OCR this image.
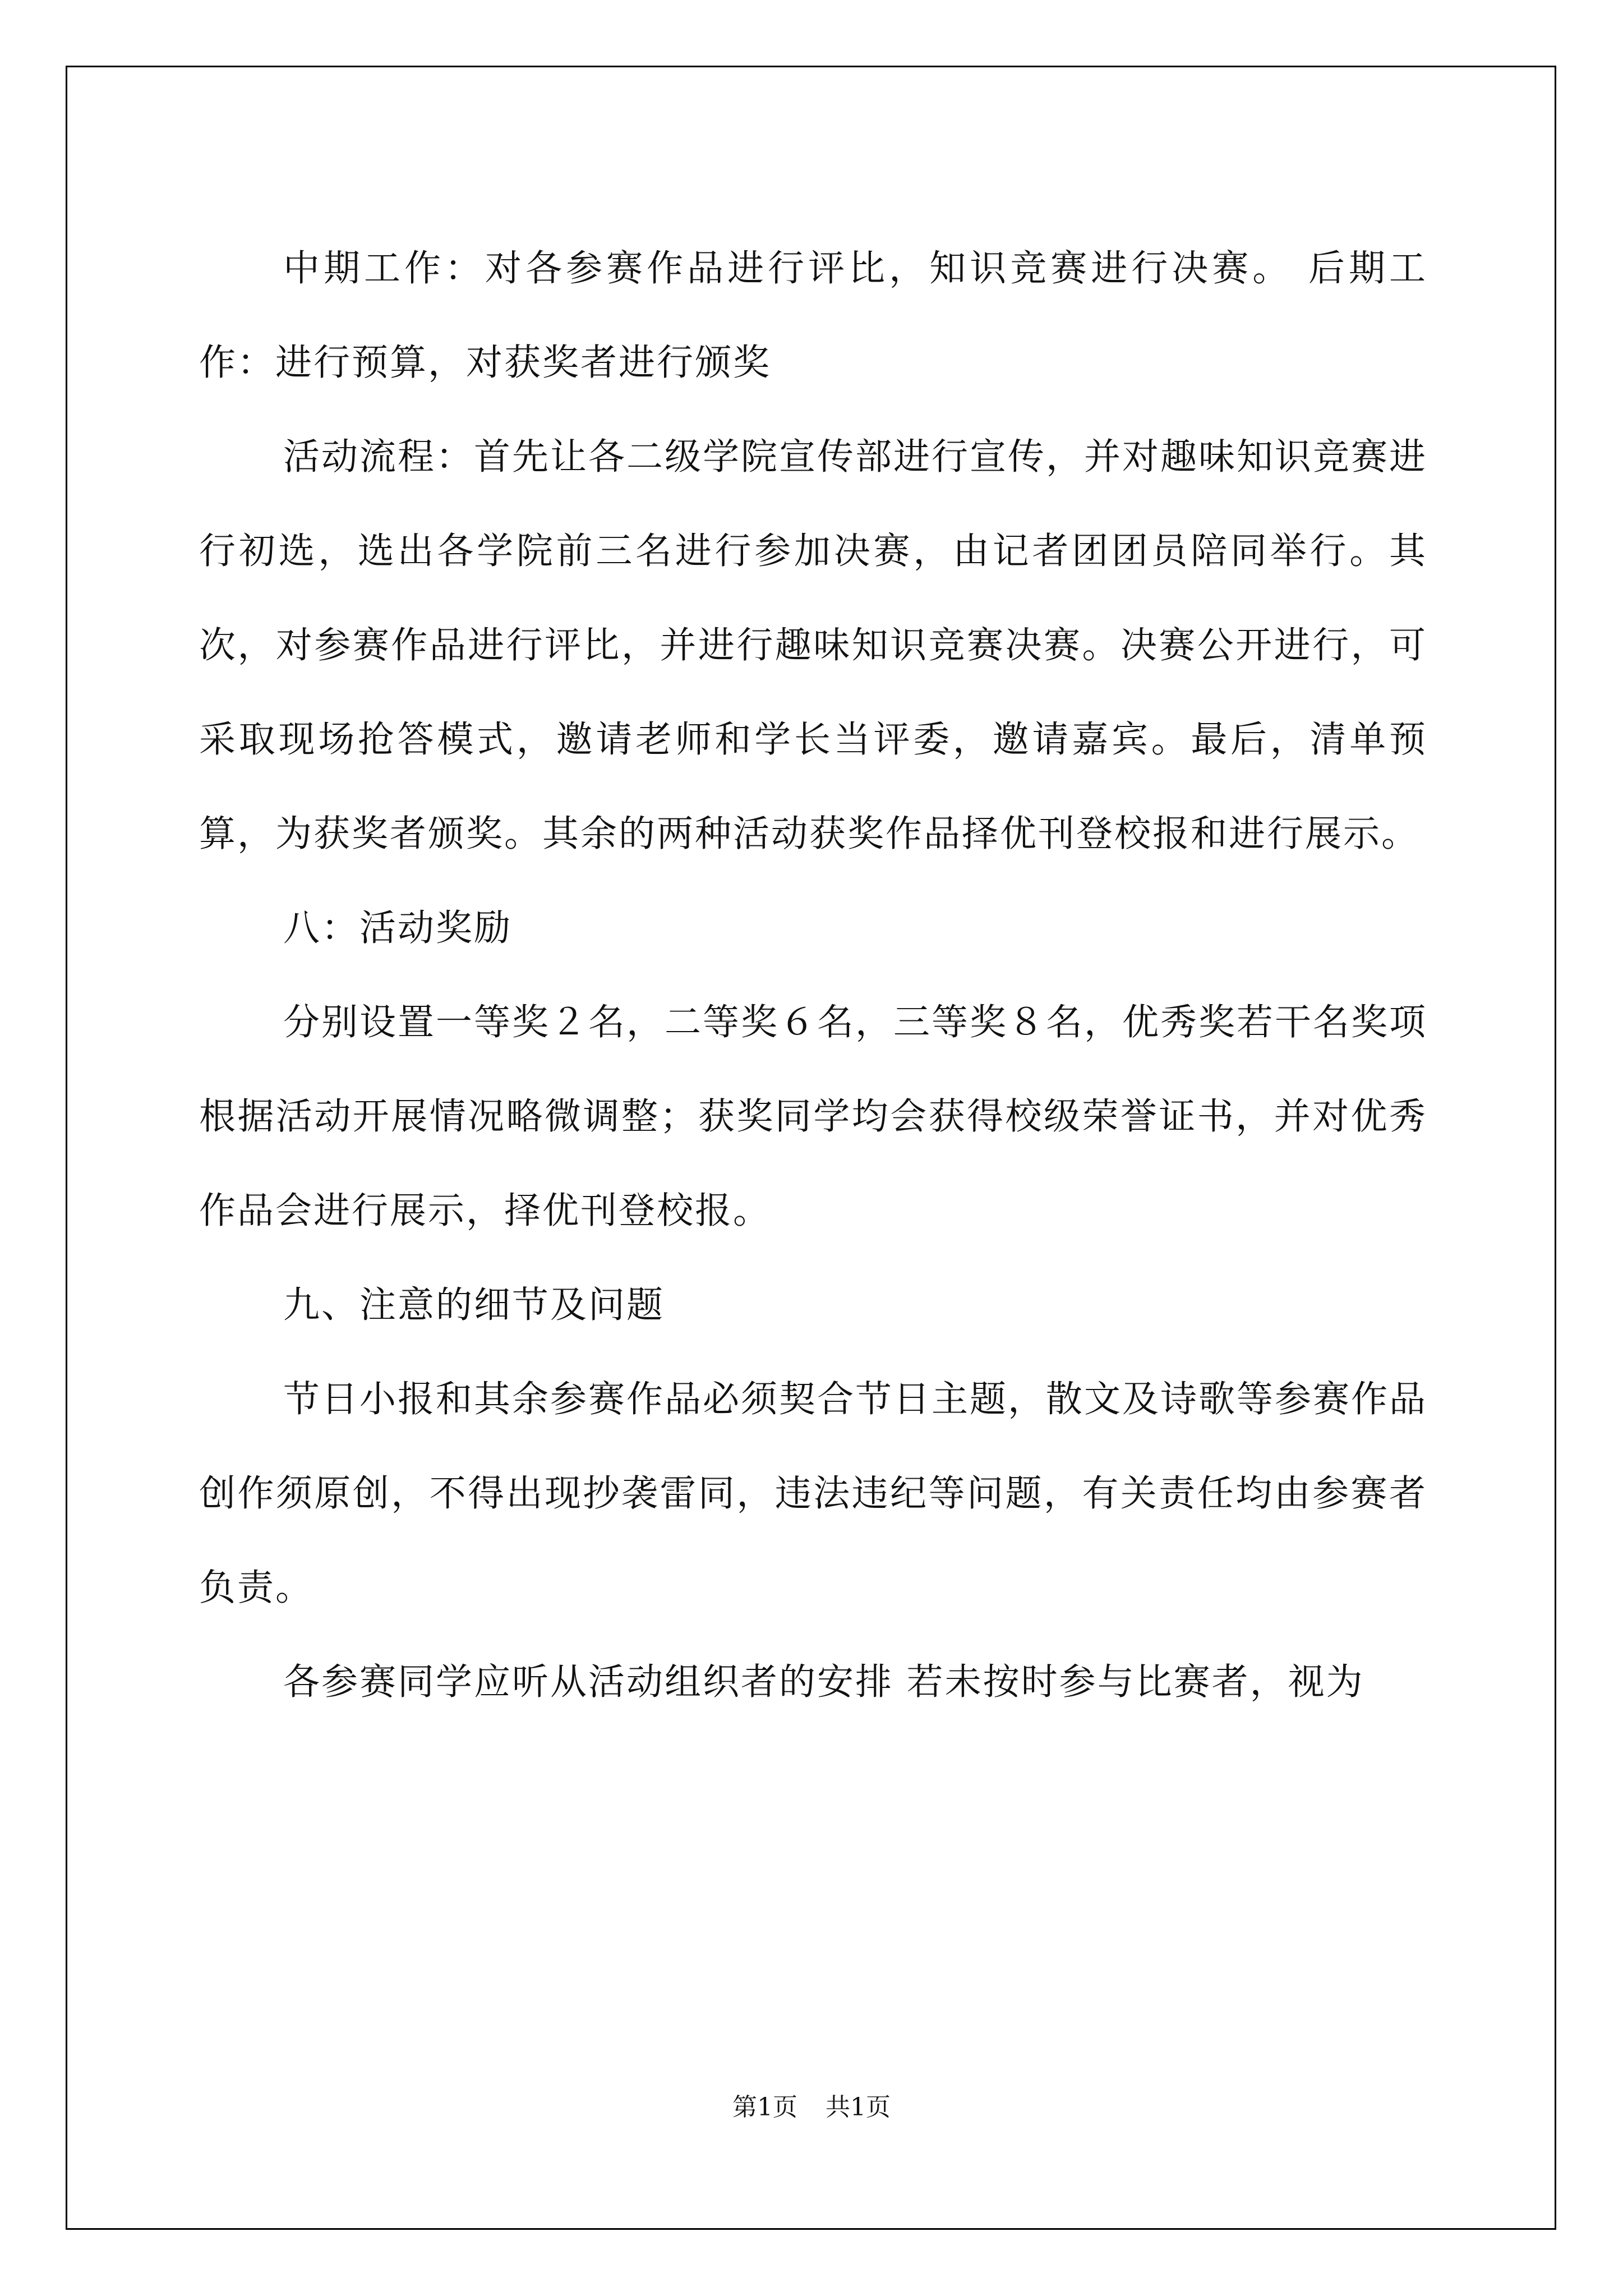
中期工作：对各参赛作品进行评比，知识竞赛进行决赛。 后期工作：进行预算，对获奖者进行颁奖

活动流程：首先让各二级学院宣传部进行宣传，并对趣味知识竞赛进行初选，选出各学院前三名进行参加决赛，由记者团团员陪同举行。其次，对参赛作品进行评比，并进行趣味知识竞赛决赛。决赛公开进行，可采取现场抢答模式，邀请老师和学长当评委，邀请嘉宾。最后，清单预算，为获奖者颁奖。其余的两种活动获奖作品择优刊登校报和进行展示。

八：活动奖励

分别设置一等奖２名，二等奖６名，三等奖８名，优秀奖若干名奖项根据活动开展情况略微调整；获奖同学均会获得校级荣誉证书，并对优秀作品会进行展示，择优刊登校报。

九、注意的细节及问题

节日小报和其余参赛作品必须契合节日主题，散文及诗歌等参赛作品创作须原创，不得出现抄袭雷同，违法违纪等问题，有关责任均由参赛者负责。

各参赛同学应听从活动组织者的安排 若未按时参与比赛者，视为

第1页 共1页
